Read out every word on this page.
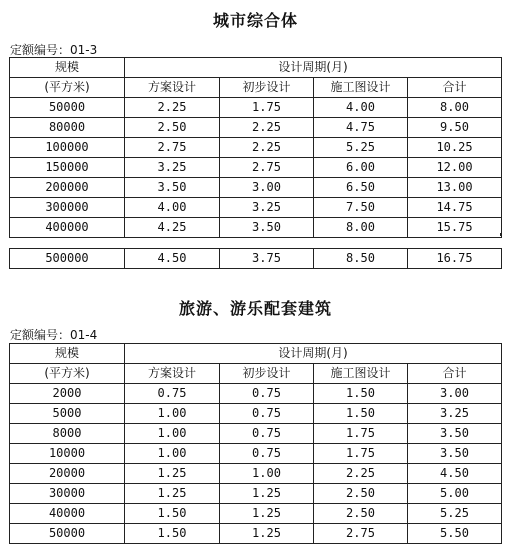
城市综合体
定额编号：01-3
规模	设计周期(月)			
(平方米)	方案设计	初步设计	施工图设计	合计
50000	2.25	1.75	4.00	8.00
80000	2.50	2.25	4.75	9.50
100000	2.75	2.25	5.25	10.25
150000	3.25	2.75	6.00	12.00
200000	3.50	3.00	6.50	13.00
300000	4.00	3.25	7.50	14.75
400000	4.25	3.50	8.00	15.75
500000	4.50	3.75	8.50	16.75
旅游、游乐配套建筑
定额编号：01-4
规模	设计周期(月)			
(平方米)	方案设计	初步设计	施工图设计	合计
2000	0.75	0.75	1.50	3.00
5000	1.00	0.75	1.50	3.25
8000	1.00	0.75	1.75	3.50
10000	1.00	0.75	1.75	3.50
20000	1.25	1.00	2.25	4.50
30000	1.25	1.25	2.50	5.00
40000	1.50	1.25	2.50	5.25
50000	1.50	1.25	2.75	5.50
